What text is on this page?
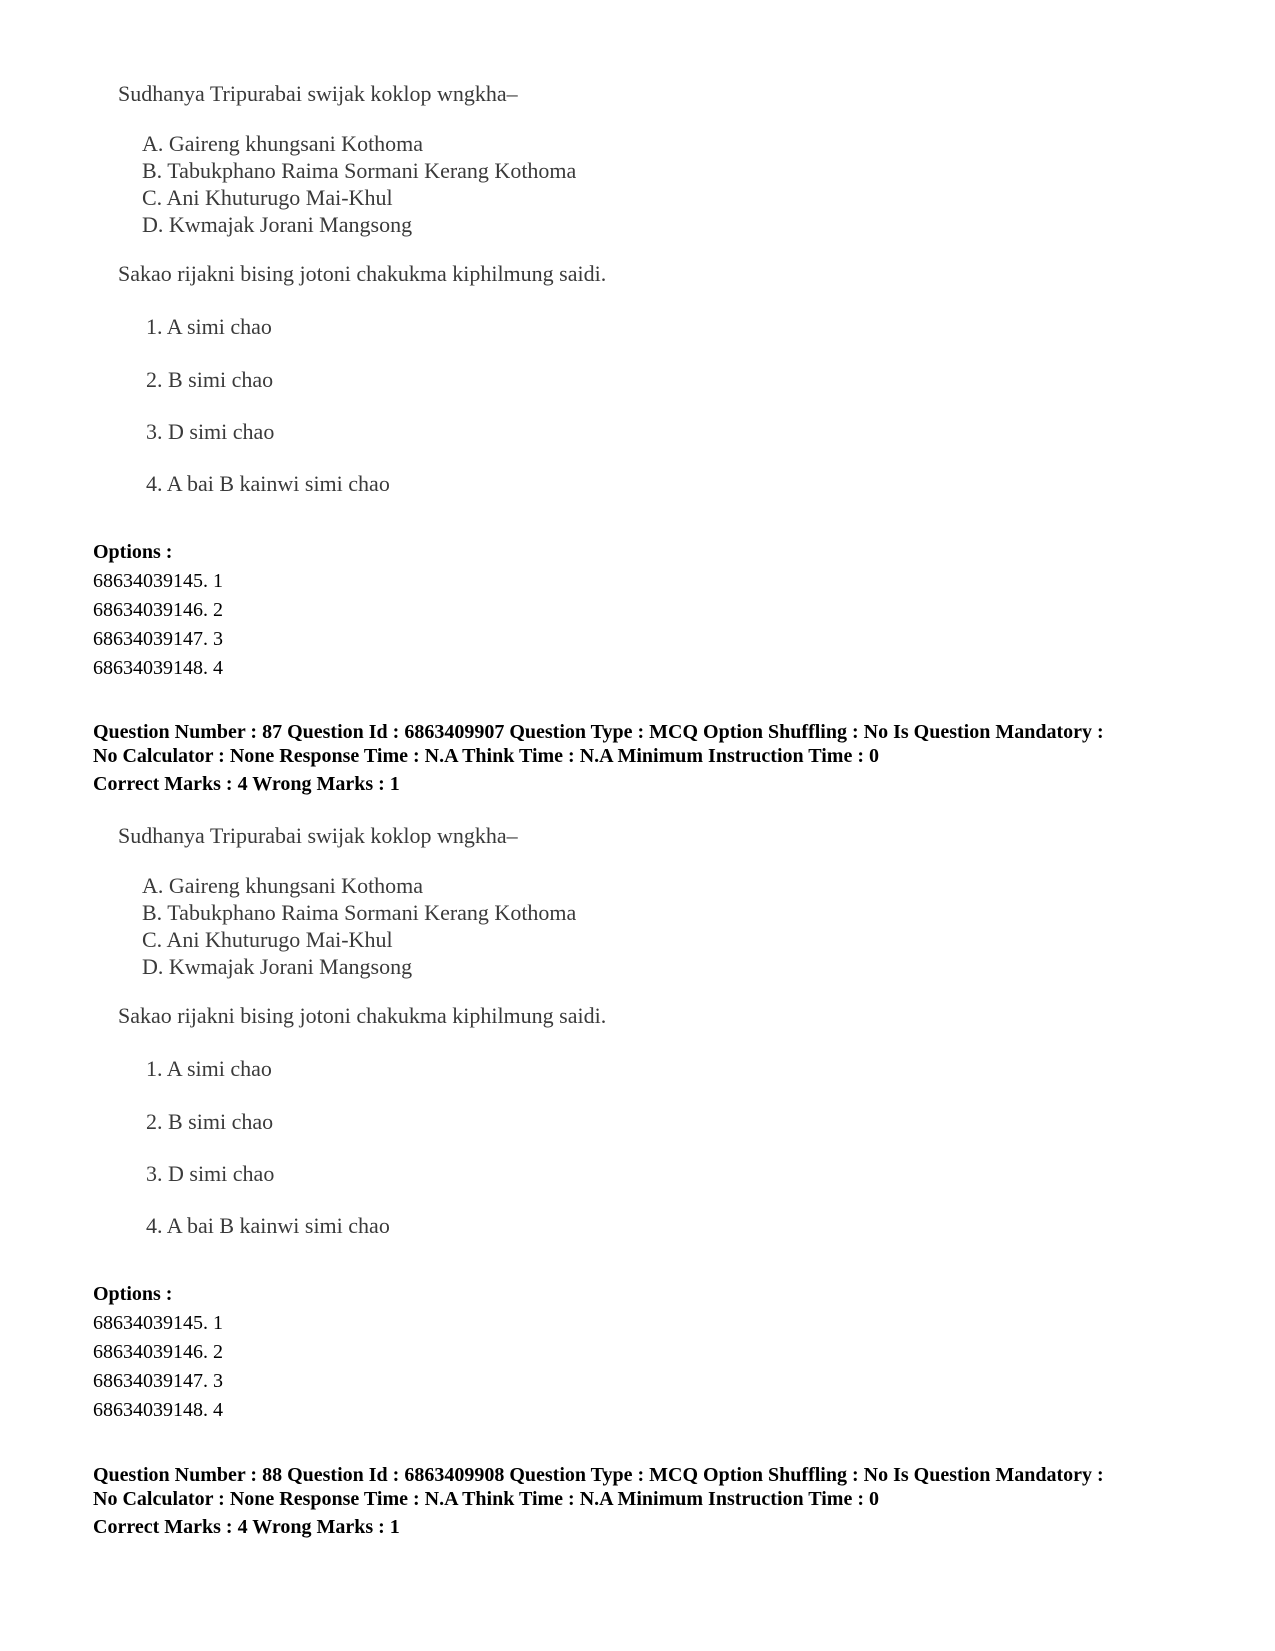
Sudhanya Tripurabai swijak koklop wngkha–
A. Gaireng khungsani Kothoma
B. Tabukphano Raima Sormani Kerang Kothoma
C. Ani Khuturugo Mai-Khul
D. Kwmajak Jorani Mangsong
Sakao rijakni bising jotoni chakukma kiphilmung saidi.
1. A simi chao
2. B simi chao
3. D simi chao
4. A bai B kainwi simi chao
Options :
68634039145. 1
68634039146. 2
68634039147. 3
68634039148. 4
Question Number : 87 Question Id : 6863409907 Question Type : MCQ Option Shuffling : No Is Question Mandatory :
No Calculator : None Response Time : N.A Think Time : N.A Minimum Instruction Time : 0
Correct Marks : 4 Wrong Marks : 1
Sudhanya Tripurabai swijak koklop wngkha–
A. Gaireng khungsani Kothoma
B. Tabukphano Raima Sormani Kerang Kothoma
C. Ani Khuturugo Mai-Khul
D. Kwmajak Jorani Mangsong
Sakao rijakni bising jotoni chakukma kiphilmung saidi.
1. A simi chao
2. B simi chao
3. D simi chao
4. A bai B kainwi simi chao
Options :
68634039145. 1
68634039146. 2
68634039147. 3
68634039148. 4
Question Number : 88 Question Id : 6863409908 Question Type : MCQ Option Shuffling : No Is Question Mandatory :
No Calculator : None Response Time : N.A Think Time : N.A Minimum Instruction Time : 0
Correct Marks : 4 Wrong Marks : 1
